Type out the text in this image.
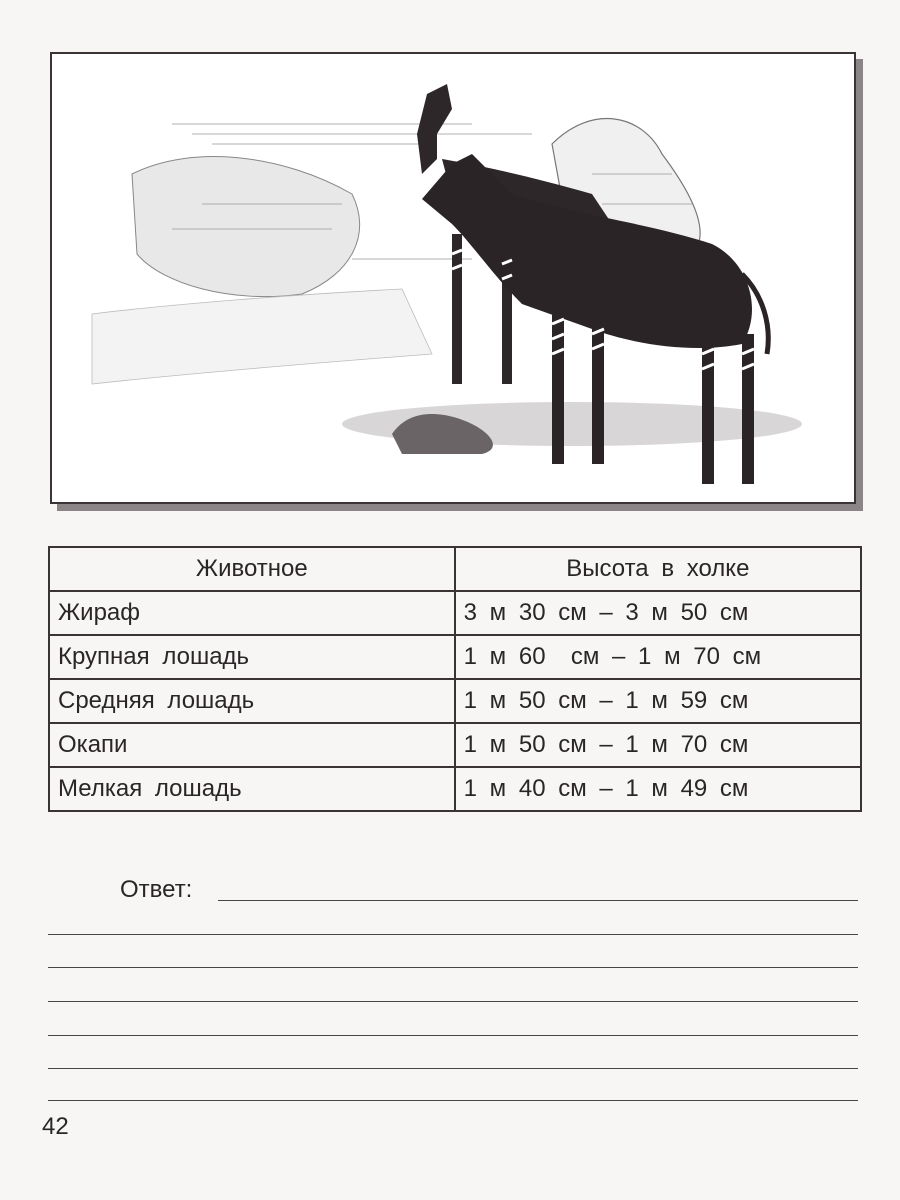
Животное	Высота в холке
Жираф	3 м 30 см – 3 м 50 см
Крупная лошадь	1 м 60  см – 1 м 70 см
Средняя лошадь	1 м 50 см – 1 м 59 см
Окапи	1 м 50 см – 1 м 70 см
Мелкая лошадь	1 м 40 см – 1 м 49 см
Ответ:
42
